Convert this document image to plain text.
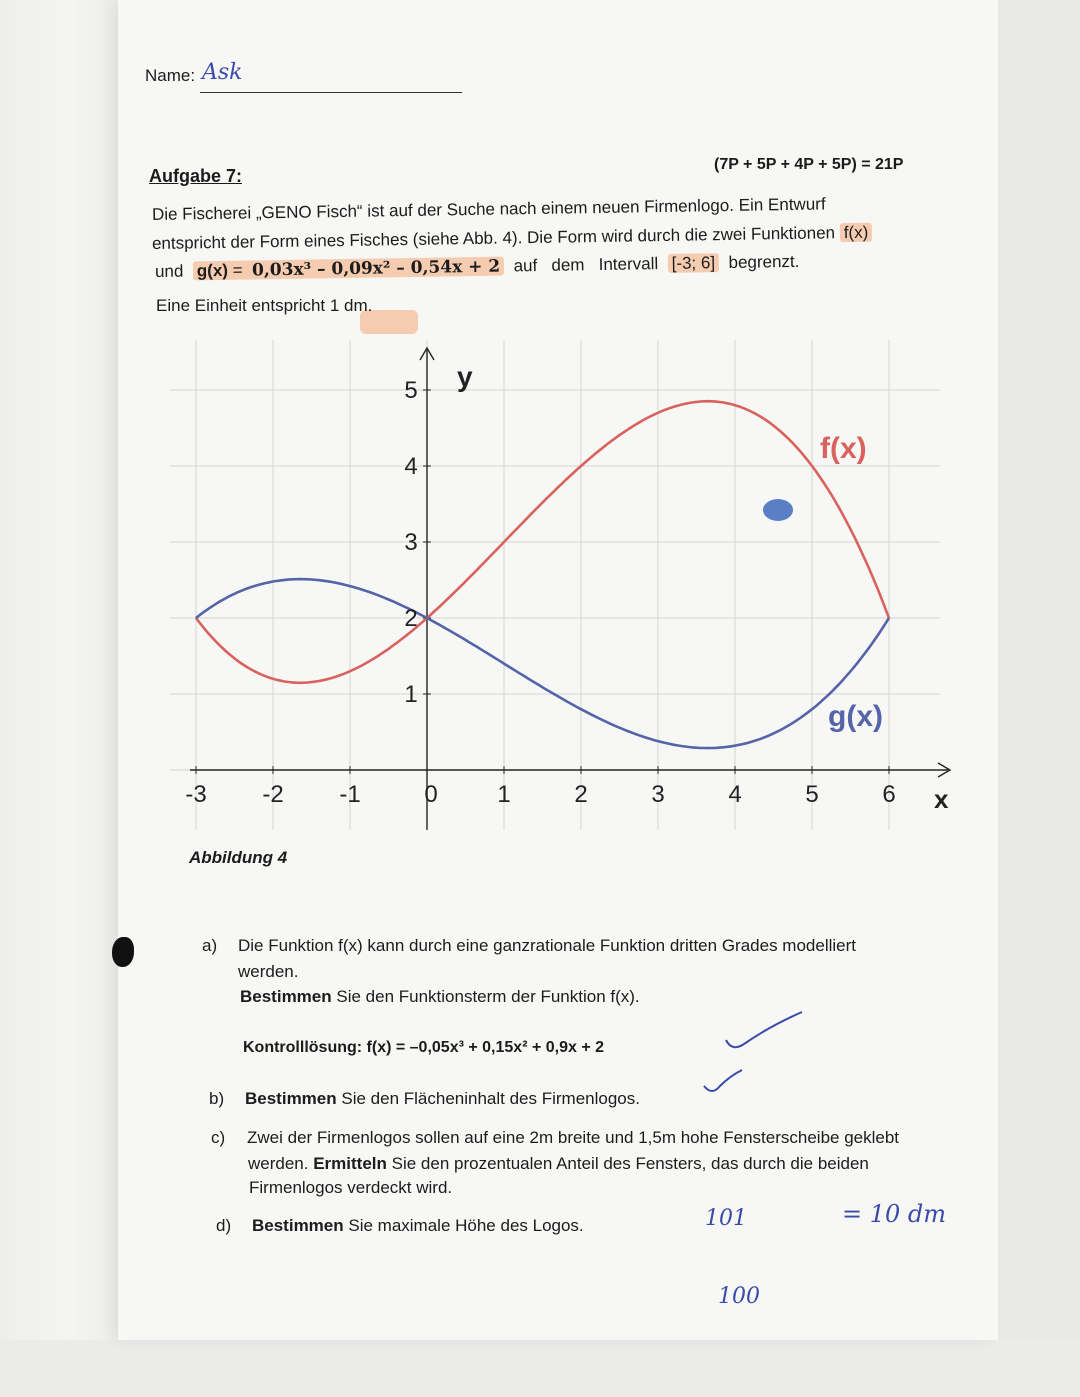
Name: Ask
Aufgabe 7:
(7P + 5P + 4P + 5P) = 21P
Die Fischerei „GENO Fisch“ ist auf der Suche nach einem neuen Firmenlogo. Ein Entwurf
entspricht der Form eines Fisches (siehe Abb. 4). Die Form wird durch die zwei Funktionen f(x)
und g(x) =  0,03x³ – 0,09x² – 0,54x + 2 auf dem Intervall [-3; 6] begrenzt.
Eine Einheit entspricht 1 dm.
-3 -2 -1	0 1	2	3	4	5	6
1
2
3
4
5 y
x
f(x)
g(x)
Abbildung 4
a) Die Funktion f(x) kann durch eine ganzrationale Funktion dritten Grades modelliert
werden.
Bestimmen Sie den Funktionsterm der Funktion f(x).
Kontrolllösung: f(x) = –0,05x³ + 0,15x² + 0,9x + 2
b) Bestimmen Sie den Flächeninhalt des Firmenlogos.
c) Zwei der Firmenlogos sollen auf eine 2m breite und 1,5m hohe Fensterscheibe geklebt
werden. Ermitteln Sie den prozentualen Anteil des Fensters, das durch die beiden
Firmenlogos verdeckt wird.
d) Bestimmen Sie maximale Höhe des Logos.	101	= 10 dm
100
